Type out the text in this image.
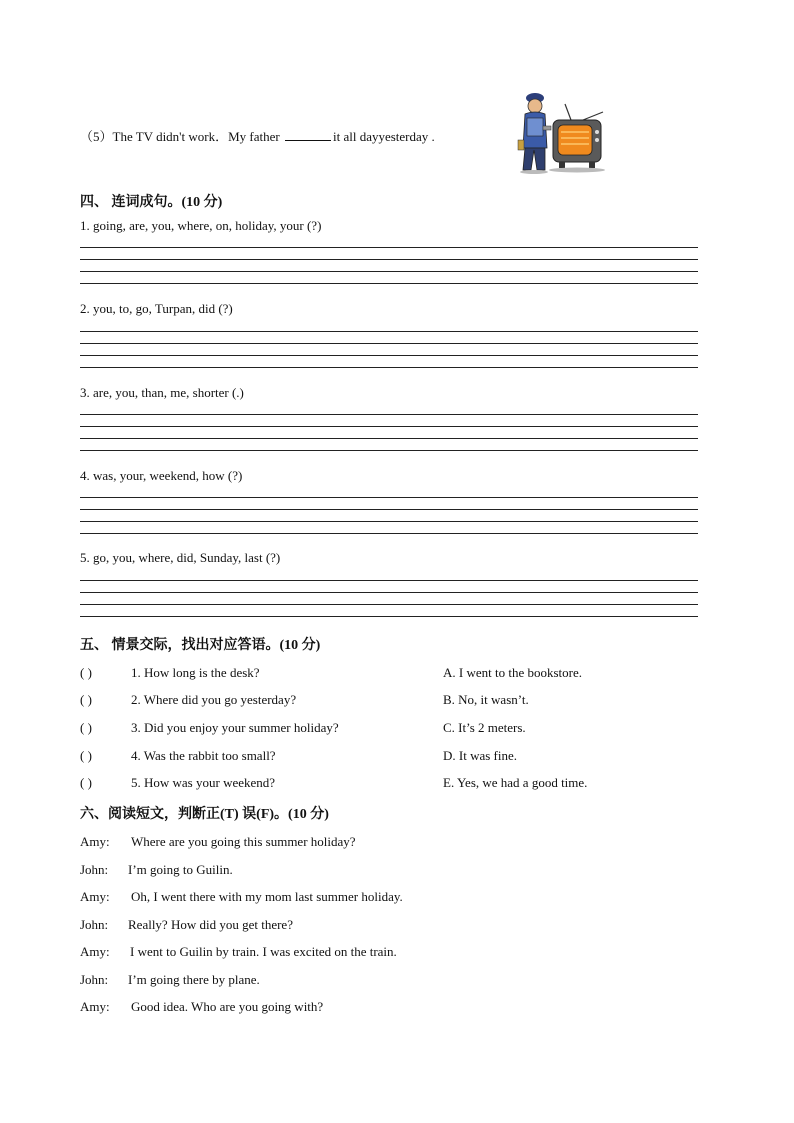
（5）The TV didn't work．My father	it all dayyesterday .
四、 连词成句。(10 分)
1. going, are, you, where, on, holiday, your (?)
2. you, to, go, Turpan, did (?)
3. are, you, than, me, shorter (.)
4. was, your, weekend, how (?)
5. go, you, where, did, Sunday, last (?)
五、 情景交际，找出对应答语。(10 分)
( )	1. How long is the desk?	A. I went to the bookstore.
( )	2. Where did you go yesterday?	B. No, it wasn’t.
( )	3. Did you enjoy your summer holiday?	C. It’s 2 meters.
( )	4. Was the rabbit too small?	D. It was fine.
( )	5. How was your weekend?	E. Yes, we had a good time.
六、阅读短文，判断正(T) 误(F)。(10 分)
Amy: Where are you going this summer holiday?
John: I’m going to Guilin.
Amy: Oh, I went there with my mom last summer holiday.
John: Really? How did you get there?
Amy: I went to Guilin by train. I was excited on the train.
John: I’m going there by plane.
Amy: Good idea. Who are you going with?
